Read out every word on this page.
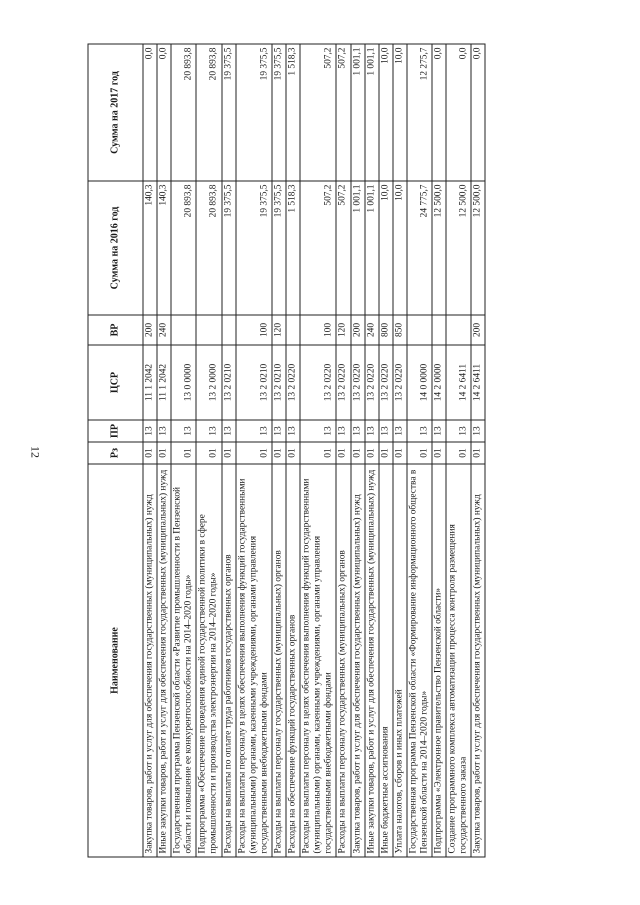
12
Наименование	Рз	ПР	ЦСР	ВР	Сумма на 2016 год	Сумма на 2017 год
Закупка товаров, работ и услуг для обеспечения государственных (муниципальных) нужд	01	13	11 1 2042	200	140,3	0,0
Иные закупки товаров, работ и услуг для обеспечения государственных (муниципальных) нужд	01	13	11 1 2042	240	140,3	0,0
Государственная программа Пензенской области «Развитие промышленности в Пензенской области и повышение ее конкурентоспособности на 2014–2020 годы»	01	13	13 0 0000		20 893,8	20 893,8
Подпрограмма «Обеспечение проведения единой государственной политики в сфере промышленности и производства электроэнергии на 2014–2020 годы»	01	13	13 2 0000		20 893,8	20 893,8
Расходы на выплаты по оплате труда работников государственных органов	01	13	13 2 0210		19 375,5	19 375,5
Расходы на выплаты персоналу в целях обеспечения выполнения функций государственными (муниципальными) органами, казенными учреждениями, органами управления государственными внебюджетными фондами	01	13	13 2 0210	100	19 375,5	19 375,5
Расходы на выплаты персоналу государственных (муниципальных) органов	01	13	13 2 0210	120	19 375,5	19 375,5
Расходы на обеспечение функций государственных органов	01	13	13 2 0220		1 518,3	1 518,3
Расходы на выплаты персоналу в целях обеспечения выполнения функций государственными (муниципальными) органами, казенными учреждениями, органами управления государственными внебюджетными фондами	01	13	13 2 0220	100	507,2	507,2
Расходы на выплаты персоналу государственных (муниципальных) органов	01	13	13 2 0220	120	507,2	507,2
Закупка товаров, работ и услуг для обеспечения государственных (муниципальных) нужд	01	13	13 2 0220	200	1 001,1	1 001,1
Иные закупки товаров, работ и услуг для обеспечения государственных (муниципальных) нужд	01	13	13 2 0220	240	1 001,1	1 001,1
Иные бюджетные ассигнования	01	13	13 2 0220	800	10,0	10,0
Уплата налогов, сборов и иных платежей	01	13	13 2 0220	850	10,0	10,0
Государственная программа Пензенской области «Формирование информационного общества в Пензенской области на 2014–2020 годы»	01	13	14 0 0000		24 775,7	12 275,7
Подпрограмма «Электронное правительство Пензенской области»	01	13	14 2 0000		12 500,0	0,0
Создание программного комплекса автоматизации процесса контроля размещения государственного заказа	01	13	14 2 6411		12 500,0	0,0
Закупка товаров, работ и услуг для обеспечения государственных (муниципальных) нужд	01	13	14 2 6411	200	12 500,0	0,0
